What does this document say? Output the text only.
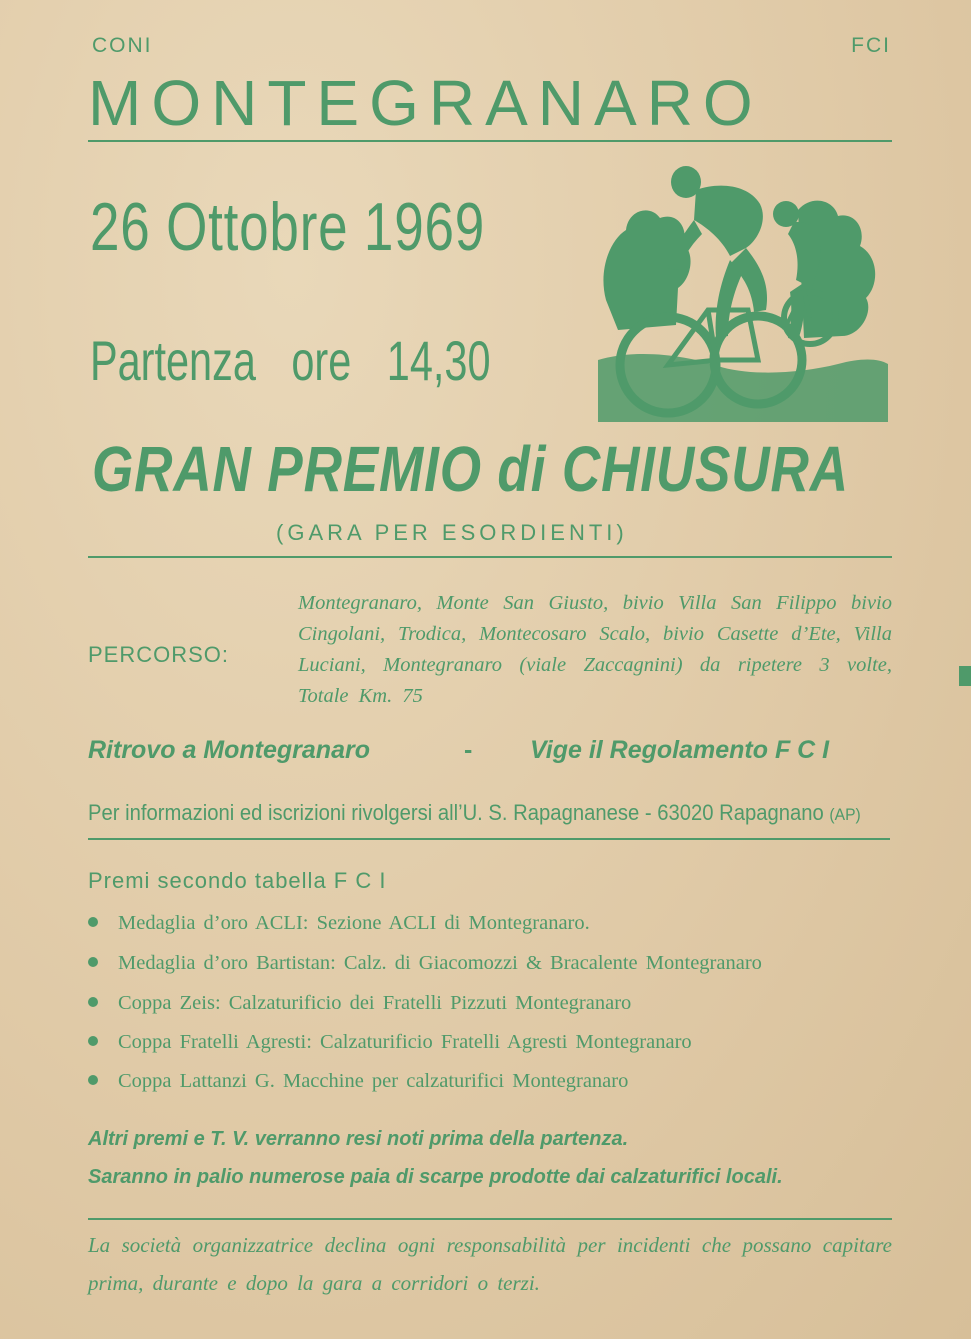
CONI	FCI
MONTEGRANARO
26 Ottobre 1969
Partenza ore 14,30
GRAN PREMIO di CHIUSURA
(GARA PER ESORDIENTI)
PERCORSO:
Montegranaro, Monte San Giusto, bivio Villa San Filippo bivio Cingolani, Trodica, Montecosaro Scalo, bivio Casette d’Ete, Villa Luciani, Montegranaro (viale Zaccagnini) da ripetere 3 volte, Totale Km. 75
Ritrovo a Montegranaro	- Vige il Regolamento F C I
Per informazioni ed iscrizioni rivolgersi all’U. S. Rapagnanese - 63020 Rapagnano (AP)
Premi secondo tabella F C I
Medaglia d’oro ACLI: Sezione ACLI di Montegranaro.
Medaglia d’oro Bartistan: Calz. di Giacomozzi & Bracalente Montegranaro
Coppa Zeis: Calzaturificio dei Fratelli Pizzuti Montegranaro
Coppa Fratelli Agresti: Calzaturificio Fratelli Agresti Montegranaro
Coppa Lattanzi G. Macchine per calzaturifici Montegranaro
Altri premi e T. V. verranno resi noti prima della partenza.
Saranno in palio numerose paia di scarpe prodotte dai calzaturifici locali.
La società organizzatrice declina ogni responsabilità per incidenti che possano capitare prima, durante e dopo la gara a corridori o terzi.
